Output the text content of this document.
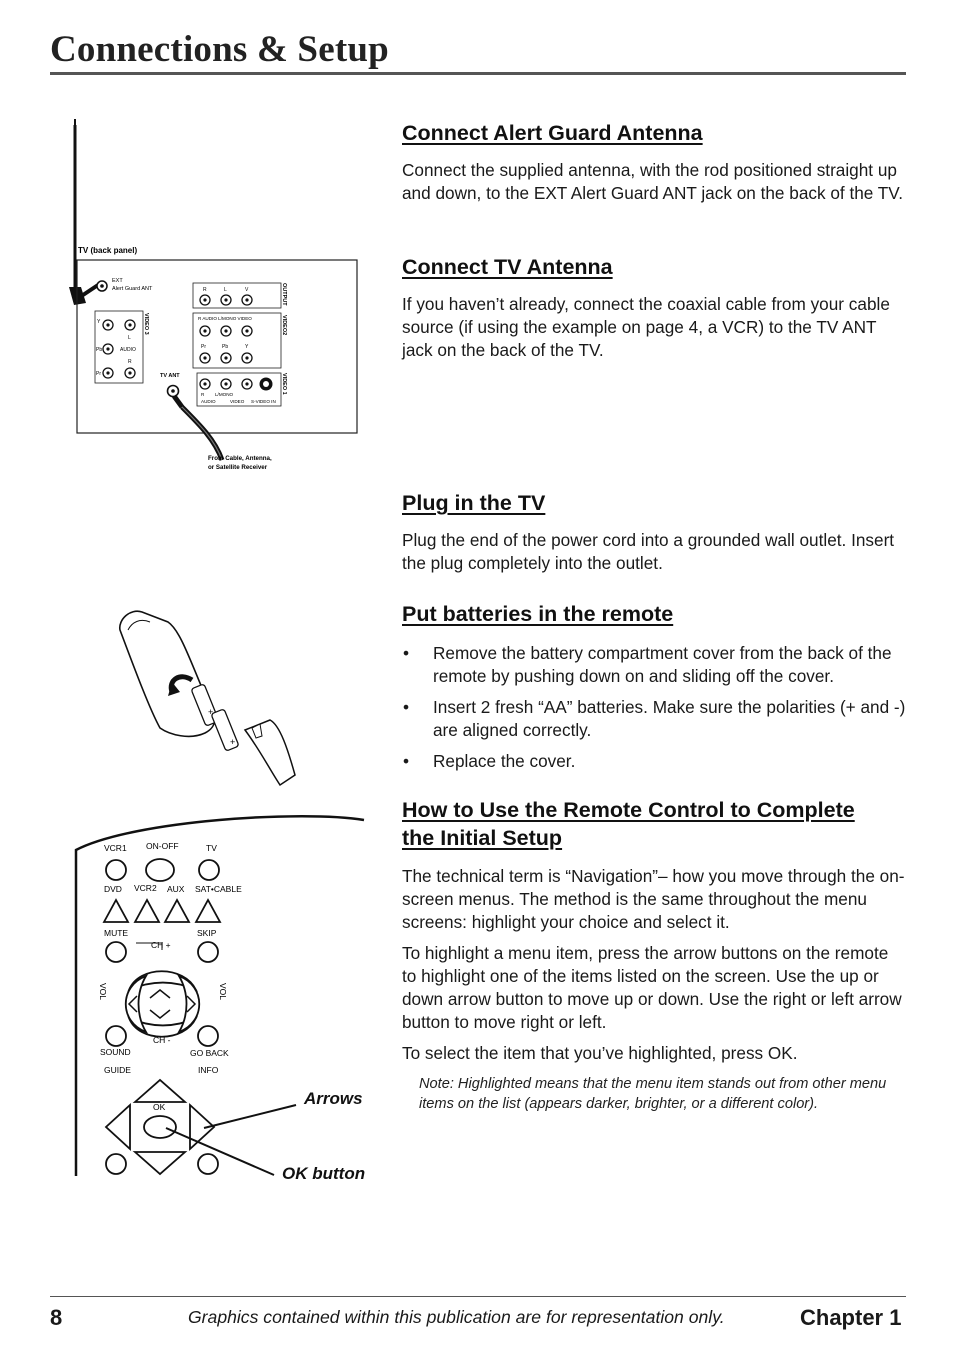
Connections & Setup
TV (back panel)
EXT
Alert Guard ANT
VIDEO 3
Y
Pb
Pr
L
AUDIO
R
OUTPUT
R	L	V
VIDEO2
R AUDIO L/MONO VIDEO
Pr	Pb	Y
VIDEO 1
R L/MONO
AUDIO	VIDEO S-VIDEO IN
TV ANT
From Cable, Antenna,
or Satellite Receiver
+
+
VCR1 ON-OFF	TV
DVD VCR2 AUX SAT•CABLE
MUTE	SKIP
CH +
CH -
VOL	VOL
SOUND	GO BACK
GUIDE	INFO
OK	Arrows
OK button
Connect Alert Guard Antenna

Connect the supplied antenna, with the rod positioned straight up and down, to the EXT Alert Guard ANT jack on the back of the TV.

Connect TV Antenna

If you haven’t already, connect the coaxial cable from your cable source (if using the example on page 4, a VCR) to the TV ANT jack on the back of the TV.

Plug in the TV

Plug the end of the power cord into a grounded wall outlet. Insert the plug completely into the outlet.

Put batteries in the remote
• Remove the battery compartment cover from the back of the remote by pushing down on and sliding off the cover.
• Insert 2 fresh “AA” batteries. Make sure the polarities (+ and -) are aligned correctly.
• Replace the cover.
How to Use the Remote Control to Complete the Initial Setup

The technical term is “Navigation”– how you move through the on-screen menus. The method is the same throughout the menu screens: highlight your choice and select it.

To highlight a menu item, press the arrow buttons on the remote to highlight one of the items listed on the screen. Use the up or down arrow button to move up or down. Use the right or left arrow button to move right or left.

To select the item that you’ve highlighted, press OK.

Note: Highlighted means that the menu item stands out from other menu items on the list (appears darker, brighter, or a different color).

8	Graphics contained within this publication are for representation only.	Chapter 1
